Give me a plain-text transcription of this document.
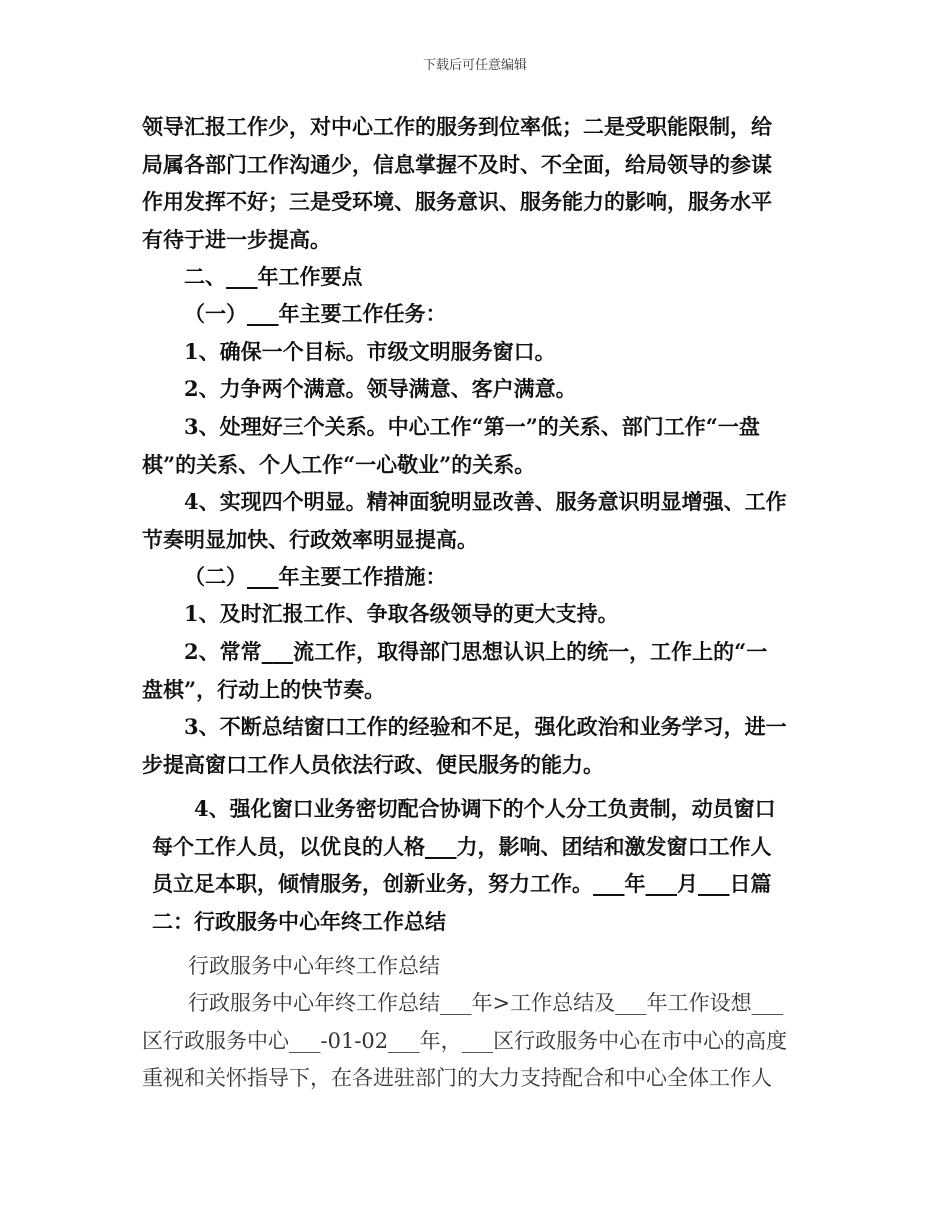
下载后可任意编辑
领导汇报工作少，对中心工作的服务到位率低；二是受职能限制，给
局属各部门工作沟通少，信息掌握不及时、不全面，给局领导的参谋
作用发挥不好；三是受环境、服务意识、服务能力的影响，服务水平
有待于进一步提高。
二、___年工作要点
（一）___年主要工作任务：
1、确保一个目标。市级文明服务窗口。
2、力争两个满意。领导满意、客户满意。
3、处理好三个关系。中心工作“第一”的关系、部门工作“一盘
棋”的关系、个人工作“一心敬业”的关系。
4、实现四个明显。精神面貌明显改善、服务意识明显增强、工作
节奏明显加快、行政效率明显提高。
（二）___年主要工作措施：
1、及时汇报工作、争取各级领导的更大支持。
2、常常___流工作，取得部门思想认识上的统一，工作上的“一
盘棋”，行动上的快节奏。
3、不断总结窗口工作的经验和不足，强化政治和业务学习，进一
步提高窗口工作人员依法行政、便民服务的能力。
4、强化窗口业务密切配合协调下的个人分工负责制，动员窗口
每个工作人员，以优良的人格___力，影响、团结和激发窗口工作人
员立足本职，倾情服务，创新业务，努力工作。___年___月___日篇
二：行政服务中心年终工作总结
行政服务中心年终工作总结
行政服务中心年终工作总结___年>工作总结及___年工作设想___
区行政服务中心___-01-02___年，___区行政服务中心在市中心的高度
重视和关怀指导下，在各进驻部门的大力支持配合和中心全体工作人
